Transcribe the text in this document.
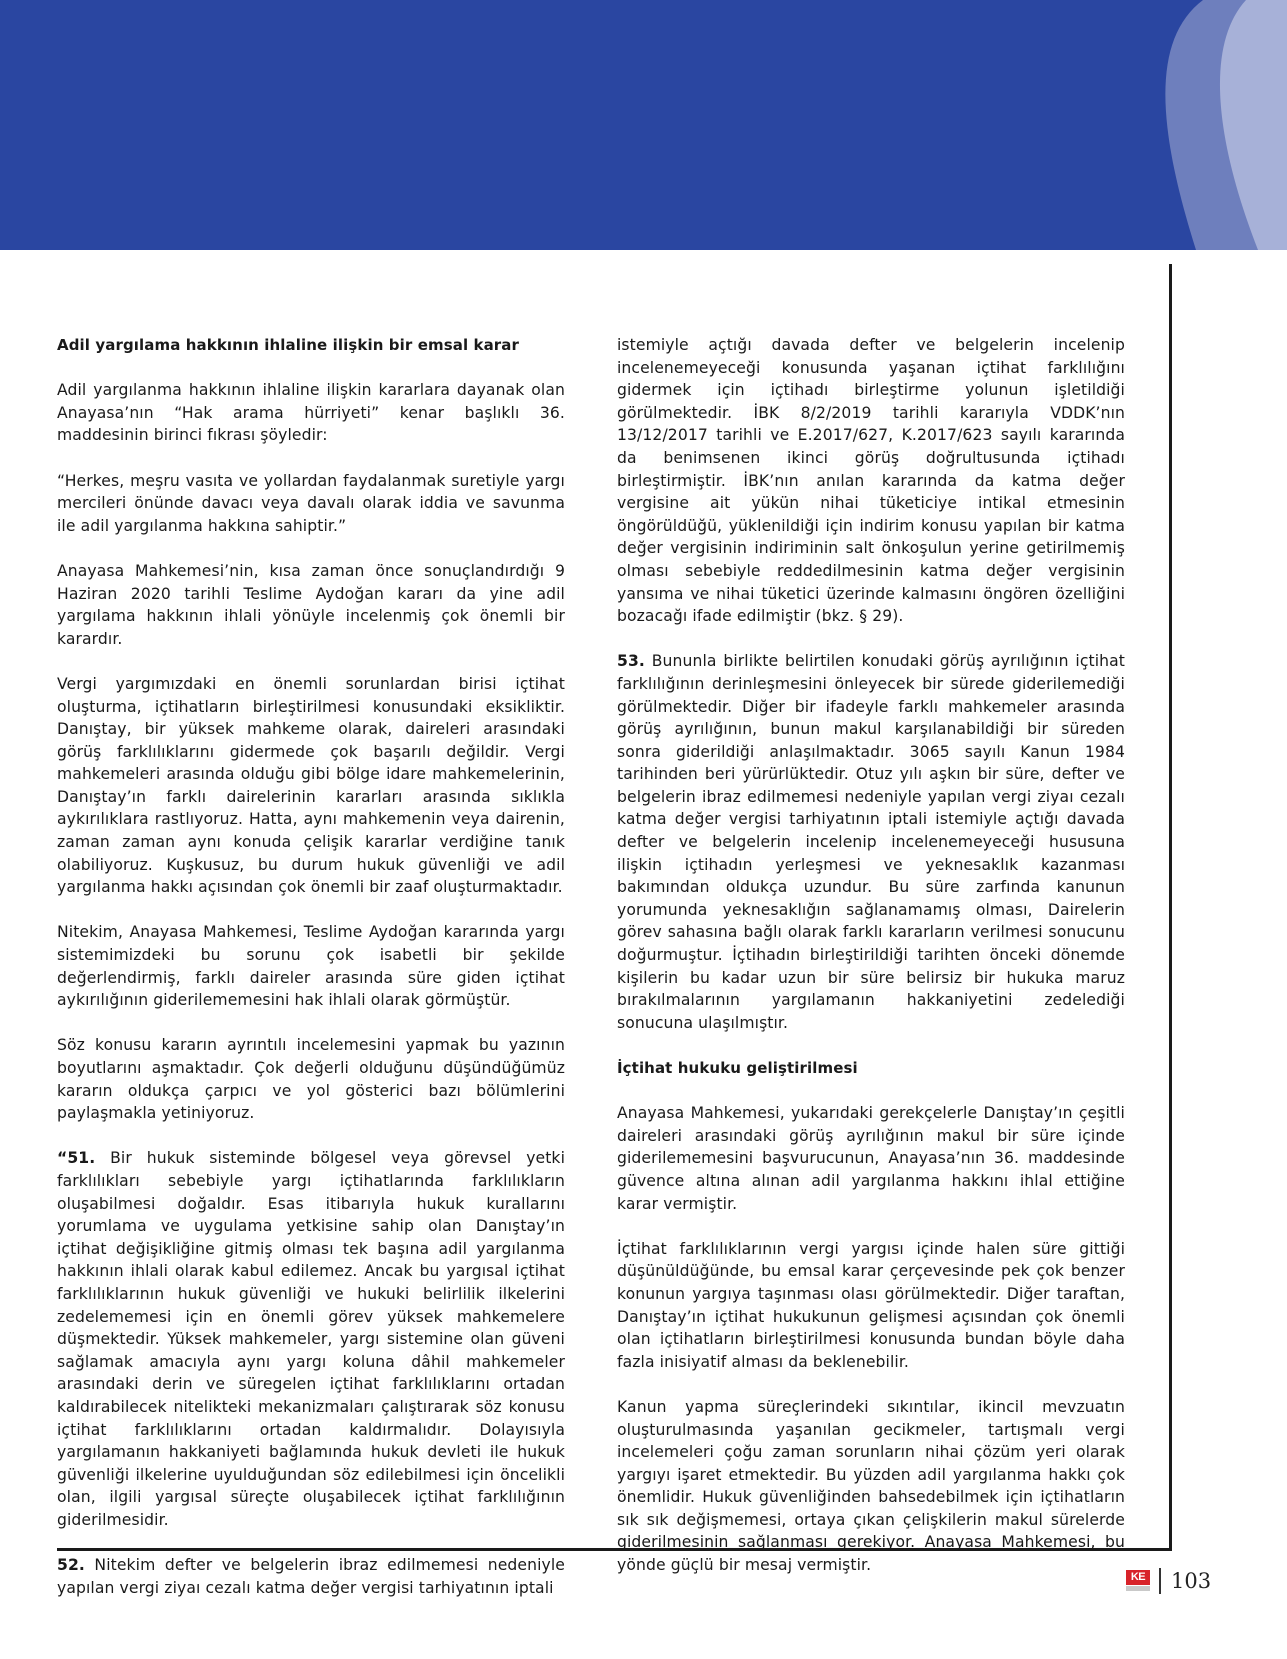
Adil yargılama hakkının ihlaline ilişkin bir emsal karar

Adil yargılanma hakkının ihlaline ilişkin kararlara dayanak olan Anayasa’nın “Hak arama hürriyeti” kenar başlıklı 36. maddesinin birinci fıkrası şöyledir:

“Herkes, meşru vasıta ve yollardan faydalanmak suretiyle yargı mercileri önünde davacı veya davalı olarak iddia ve savunma ile adil yargılanma hakkına sahiptir.”

Anayasa Mahkemesi’nin, kısa zaman önce sonuçlandırdığı 9 Haziran 2020 tarihli Teslime Aydoğan kararı da yine adil yargılama hakkının ihlali yönüyle incelenmiş çok önemli bir karardır.

Vergi yargımızdaki en önemli sorunlardan birisi içtihat oluşturma, içtihatların birleştirilmesi konusundaki eksikliktir. Danıştay, bir yüksek mahkeme olarak, daireleri arasındaki görüş farklılıklarını gidermede çok başarılı değildir. Vergi mahkemeleri arasında olduğu gibi bölge idare mahkemelerinin, Danıştay’ın farklı dairelerinin kararları arasında sıklıkla aykırılıklara rastlıyoruz. Hatta, aynı mahkemenin veya dairenin, zaman zaman aynı konuda çelişik kararlar verdiğine tanık olabiliyoruz. Kuşkusuz, bu durum hukuk güvenliği ve adil yargılanma hakkı açısından çok önemli bir zaaf oluşturmaktadır.

Nitekim, Anayasa Mahkemesi, Teslime Aydoğan kararında yargı sistemimizdeki bu sorunu çok isabetli bir şekilde değerlendirmiş, farklı daireler arasında süre giden içtihat aykırılığının giderilememesini hak ihlali olarak görmüştür.

Söz konusu kararın ayrıntılı incelemesini yapmak bu yazının boyutlarını aşmaktadır. Çok değerli olduğunu düşündüğümüz kararın oldukça çarpıcı ve yol gösterici bazı bölümlerini paylaşmakla yetiniyoruz.

“51. Bir hukuk sisteminde bölgesel veya görevsel yetki farklılıkları sebebiyle yargı içtihatlarında farklılıkların oluşabilmesi doğaldır. Esas itibarıyla hukuk kurallarını yorumlama ve uygulama yetkisine sahip olan Danıştay’ın içtihat değişikliğine gitmiş olması tek başına adil yargılanma hakkının ihlali olarak kabul edilemez. Ancak bu yargısal içtihat farklılıklarının hukuk güvenliği ve hukuki belirlilik ilkelerini zedelememesi için en önemli görev yüksek mahkemelere düşmektedir. Yüksek mahkemeler, yargı sistemine olan güveni sağlamak amacıyla aynı yargı koluna dâhil mahkemeler arasındaki derin ve süregelen içtihat farklılıklarını ortadan kaldırabilecek nitelikteki mekanizmaları çalıştırarak söz konusu içtihat farklılıklarını ortadan kaldırmalıdır. Dolayısıyla yargılamanın hakkaniyeti bağlamında hukuk devleti ile hukuk güvenliği ilkelerine uyulduğundan söz edilebilmesi için öncelikli olan, ilgili yargısal süreçte oluşabilecek içtihat farklılığının giderilmesidir.

52. Nitekim defter ve belgelerin ibraz edilmemesi nedeniyle yapılan vergi ziyaı cezalı katma değer vergisi tarhiyatının iptali

istemiyle açtığı davada defter ve belgelerin incelenip incelenemeyeceği konusunda yaşanan içtihat farklılığını gidermek için içtihadı birleştirme yolunun işletildiği görülmektedir. İBK 8/2/2019 tarihli kararıyla VDDK’nın 13/12/2017 tarihli ve E.2017/627, K.2017/623 sayılı kararında da benimsenen ikinci görüş doğrultusunda içtihadı birleştirmiştir. İBK’nın anılan kararında da katma değer vergisine ait yükün nihai tüketiciye intikal etmesinin öngörüldüğü, yüklenildiği için indirim konusu yapılan bir katma değer vergisinin indiriminin salt önkoşulun yerine getirilmemiş olması sebebiyle reddedilmesinin katma değer vergisinin yansıma ve nihai tüketici üzerinde kalmasını öngören özelliğini bozacağı ifade edilmiştir (bkz. § 29).

53. Bununla birlikte belirtilen konudaki görüş ayrılığının içtihat farklılığının derinleşmesini önleyecek bir sürede giderilemediği görülmektedir. Diğer bir ifadeyle farklı mahkemeler arasında görüş ayrılığının, bunun makul karşılanabildiği bir süreden sonra giderildiği anlaşılmaktadır. 3065 sayılı Kanun 1984 tarihinden beri yürürlüktedir. Otuz yılı aşkın bir süre, defter ve belgelerin ibraz edilmemesi nedeniyle yapılan vergi ziyaı cezalı katma değer vergisi tarhiyatının iptali istemiyle açtığı davada defter ve belgelerin incelenip incelenemeyeceği hususuna ilişkin içtihadın yerleşmesi ve yeknesaklık kazanması bakımından oldukça uzundur. Bu süre zarfında kanunun yorumunda yeknesaklığın sağlanamamış olması, Dairelerin görev sahasına bağlı olarak farklı kararların verilmesi sonucunu doğurmuştur. İçtihadın birleştirildiği tarihten önceki dönemde kişilerin bu kadar uzun bir süre belirsiz bir hukuka maruz bırakılmalarının yargılamanın hakkaniyetini zedelediği sonucuna ulaşılmıştır.

İçtihat hukuku geliştirilmesi

Anayasa Mahkemesi, yukarıdaki gerekçelerle Danıştay’ın çeşitli daireleri arasındaki görüş ayrılığının makul bir süre içinde giderilememesini başvurucunun, Anayasa’nın 36. maddesinde güvence altına alınan adil yargılanma hakkını ihlal ettiğine karar vermiştir.

İçtihat farklılıklarının vergi yargısı içinde halen süre gittiği düşünüldüğünde, bu emsal karar çerçevesinde pek çok benzer konunun yargıya taşınması olası görülmektedir. Diğer taraftan, Danıştay’ın içtihat hukukunun gelişmesi açısından çok önemli olan içtihatların birleştirilmesi konusunda bundan böyle daha fazla inisiyatif alması da beklenebilir.

Kanun yapma süreçlerindeki sıkıntılar, ikincil mevzuatın oluşturulmasında yaşanılan gecikmeler, tartışmalı vergi incelemeleri çoğu zaman sorunların nihai çözüm yeri olarak yargıyı işaret etmektedir. Bu yüzden adil yargılanma hakkı çok önemlidir. Hukuk güvenliğinden bahsedebilmek için içtihatların sık sık değişmemesi, ortaya çıkan çelişkilerin makul sürelerde giderilmesinin sağlanması gerekiyor. Anayasa Mahkemesi, bu yönde güçlü bir mesaj vermiştir.

KE 103
